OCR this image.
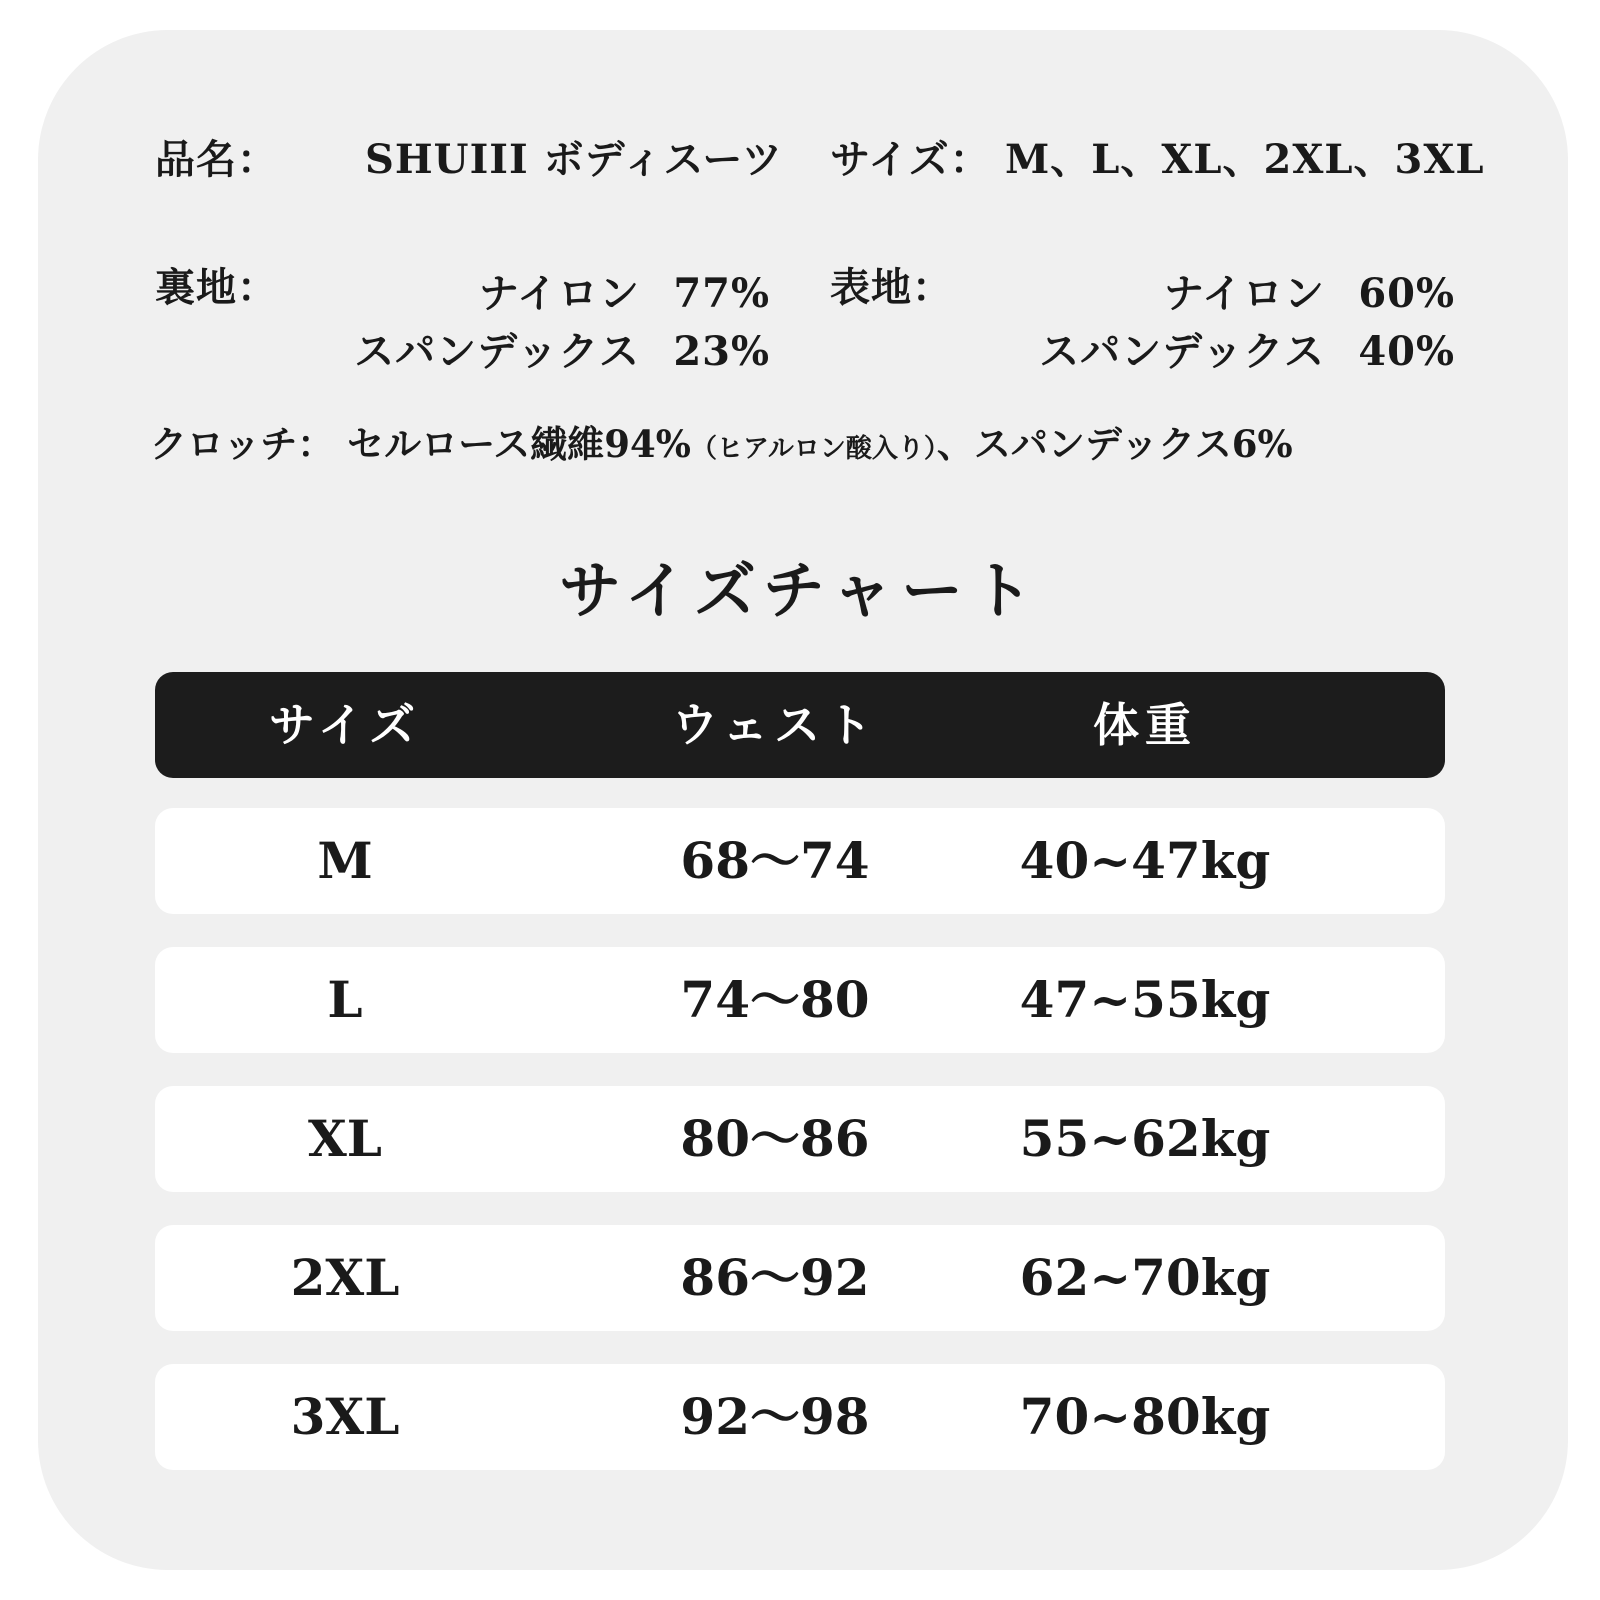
品名： SHUIII ボディスーツ サイズ： M、L、XL、2XL、3XL
裏地：	ナイロン 77%
スパンデックス 23%
表地：	ナイロン 60%
スパンデックス 40%
クロッチ： セルロース繊維94%（ヒアルロン酸入り）、スパンデックス6%
サイズチャート
サイズ	ウェスト	体重
M	68～74	40~47kg
L	74～80	47~55kg
XL	80～86	55~62kg
2XL	86～92	62~70kg
3XL	92～98	70~80kg
